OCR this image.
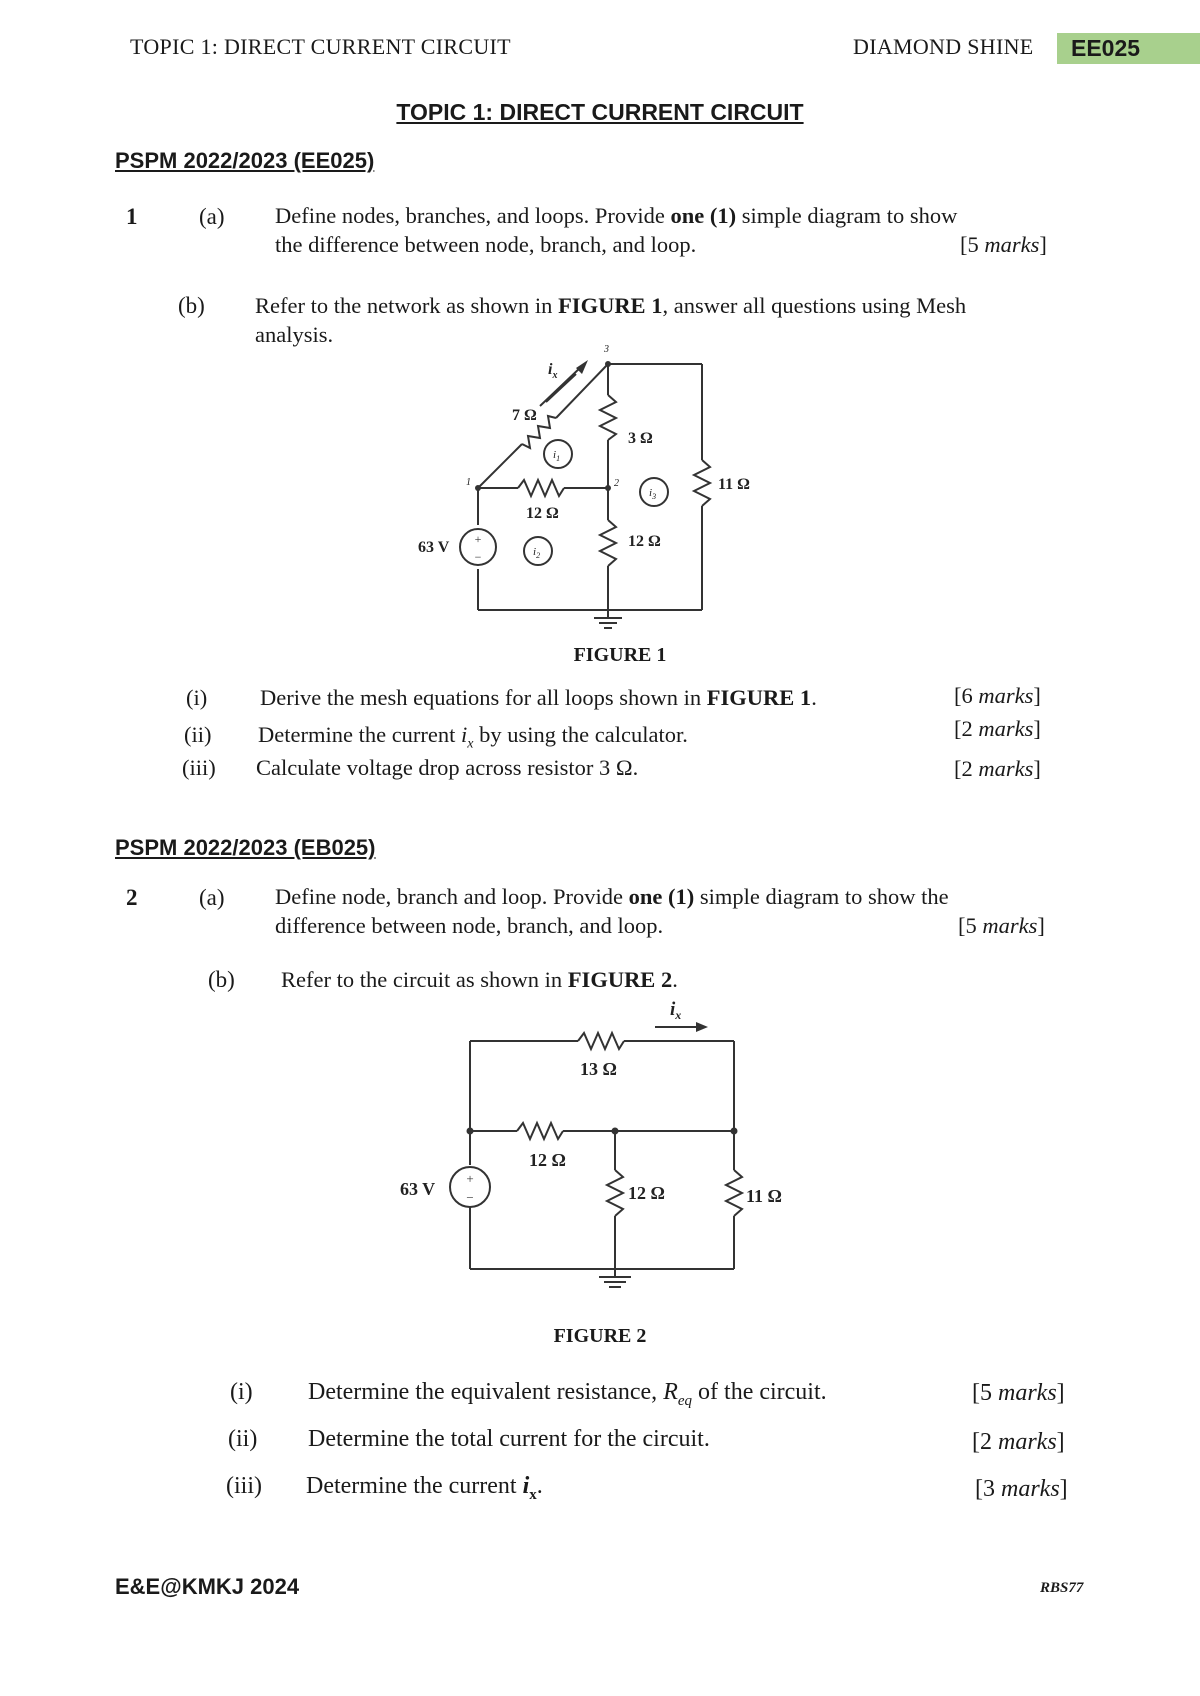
TOPIC 1: DIRECT CURRENT CIRCUIT	DIAMOND SHINE	EE025
TOPIC 1: DIRECT CURRENT CIRCUIT
PSPM 2022/2023 (EE025)
1	(a) Define nodes, branches, and loops. Provide one (1) simple diagram to show
the difference between node, branch, and loop.	[5 marks]
(b) Refer to the network as shown in FIGURE 1, answer all questions using Mesh
analysis.
+
−
7 Ω
3 Ω
12 Ω
11 Ω
12 Ω
63 V
$i_x$
$i_1$
$i_2$
$i_3$
1	2
3
FIGURE 1
(i) Derive the mesh equations for all loops shown in FIGURE 1.	[6 marks]
(ii) Determine the current $i_x$ by using the calculator.	[2 marks]
(iii) Calculate voltage drop across resistor 3 Ω.	[2 marks]
PSPM 2022/2023 (EB025)
2	(a) Define node, branch and loop. Provide one (1) simple diagram to show the
difference between node, branch, and loop.	[5 marks]
(b) Refer to the circuit as shown in FIGURE 2.
+
−
13 Ω
12 Ω
12 Ω	11 Ω
63 V
$i_x$
FIGURE 2
(i) Determine the equivalent resistance, $R_{eq}$ of the circuit.	[5 marks]
(ii) Determine the total current for the circuit.	[2 marks]
(iii) Determine the current $i_x$.	[3 marks]
E&E@KMKJ 2024	RBS77
